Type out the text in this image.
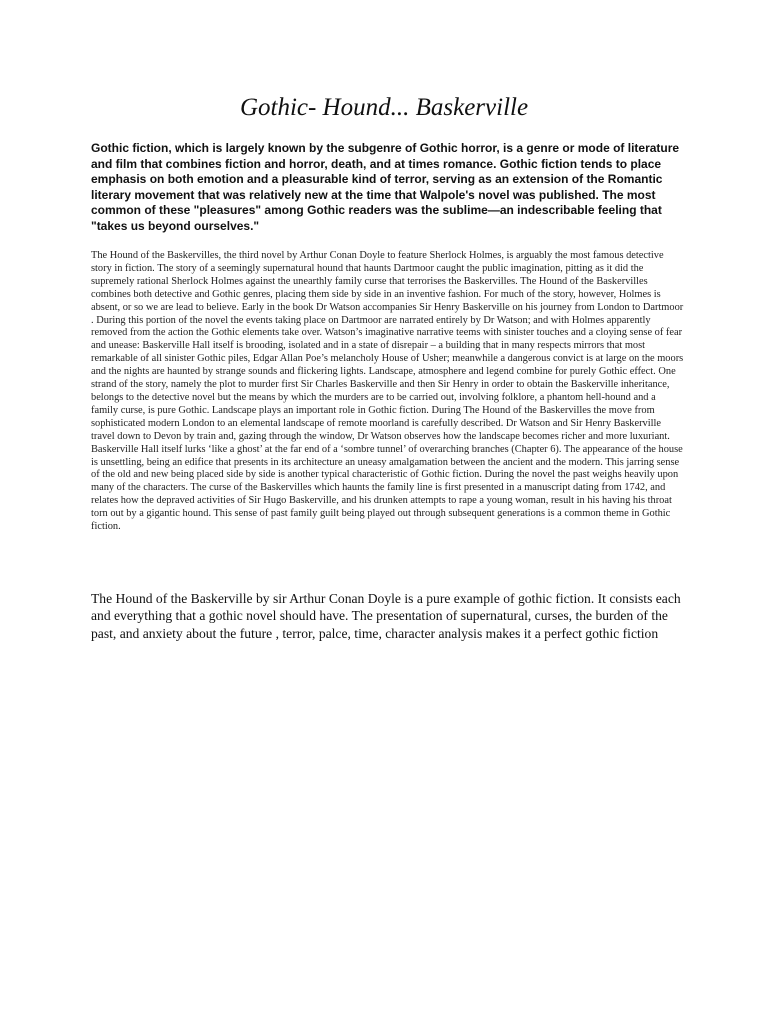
Gothic- Hound... Baskerville

Gothic fiction, which is largely known by the subgenre of Gothic horror, is a genre or mode of literature and film that combines fiction and horror, death, and at times romance. Gothic fiction tends to place emphasis on both emotion and a pleasurable kind of terror, serving as an extension of the Romantic literary movement that was relatively new at the time that Walpole's novel was published. The most common of these "pleasures" among Gothic readers was the sublime—an indescribable feeling that "takes us beyond ourselves."

The Hound of the Baskervilles, the third novel by Arthur Conan Doyle to feature Sherlock Holmes, is arguably the most famous detective story in fiction. The story of a seemingly supernatural hound that haunts Dartmoor caught the public imagination, pitting as it did the supremely rational Sherlock Holmes against the unearthly family curse that terrorises the Baskervilles. The Hound of the Baskervilles combines both detective and Gothic genres, placing them side by side in an inventive fashion. For much of the story, however, Holmes is absent, or so we are lead to believe. Early in the book Dr Watson accompanies Sir Henry Baskerville on his journey from London to Dartmoor . During this portion of the novel the events taking place on Dartmoor are narrated entirely by Dr Watson; and with Holmes apparently removed from the action the Gothic elements take over. Watson’s imaginative narrative teems with sinister touches and a cloying sense of fear and unease: Baskerville Hall itself is brooding, isolated and in a state of disrepair – a building that in many respects mirrors that most remarkable of all sinister Gothic piles, Edgar Allan Poe’s melancholy House of Usher; meanwhile a dangerous convict is at large on the moors and the nights are haunted by strange sounds and flickering lights. Landscape, atmosphere and legend combine for purely Gothic effect. One strand of the story, namely the plot to murder first Sir Charles Baskerville and then Sir Henry in order to obtain the Baskerville inheritance, belongs to the detective novel but the means by which the murders are to be carried out, involving folklore, a phantom hell-hound and a family curse, is pure Gothic. Landscape plays an important role in Gothic fiction. During The Hound of the Baskervilles the move from sophisticated modern London to an elemental landscape of remote moorland is carefully described. Dr Watson and Sir Henry Baskerville travel down to Devon by train and, gazing through the window, Dr Watson observes how the landscape becomes richer and more luxuriant. Baskerville Hall itself lurks ‘like a ghost’ at the far end of a ‘sombre tunnel’ of overarching branches (Chapter 6). The appearance of the house is unsettling, being an edifice that presents in its architecture an uneasy amalgamation between the ancient and the modern. This jarring sense of the old and new being placed side by side is another typical characteristic of Gothic fiction. During the novel the past weighs heavily upon many of the characters. The curse of the Baskervilles which haunts the family line is first presented in a manuscript dating from 1742, and relates how the depraved activities of Sir Hugo Baskerville, and his drunken attempts to rape a young woman, result in his having his throat torn out by a gigantic hound. This sense of past family guilt being played out through subsequent generations is a common theme in Gothic fiction.

The Hound of the Baskerville by sir Arthur Conan Doyle is a pure example of gothic fiction. It consists each and everything that a gothic novel should have. The presentation of supernatural, curses, the burden of the past, and anxiety about the future , terror, palce, time, character analysis makes it a perfect gothic fiction
